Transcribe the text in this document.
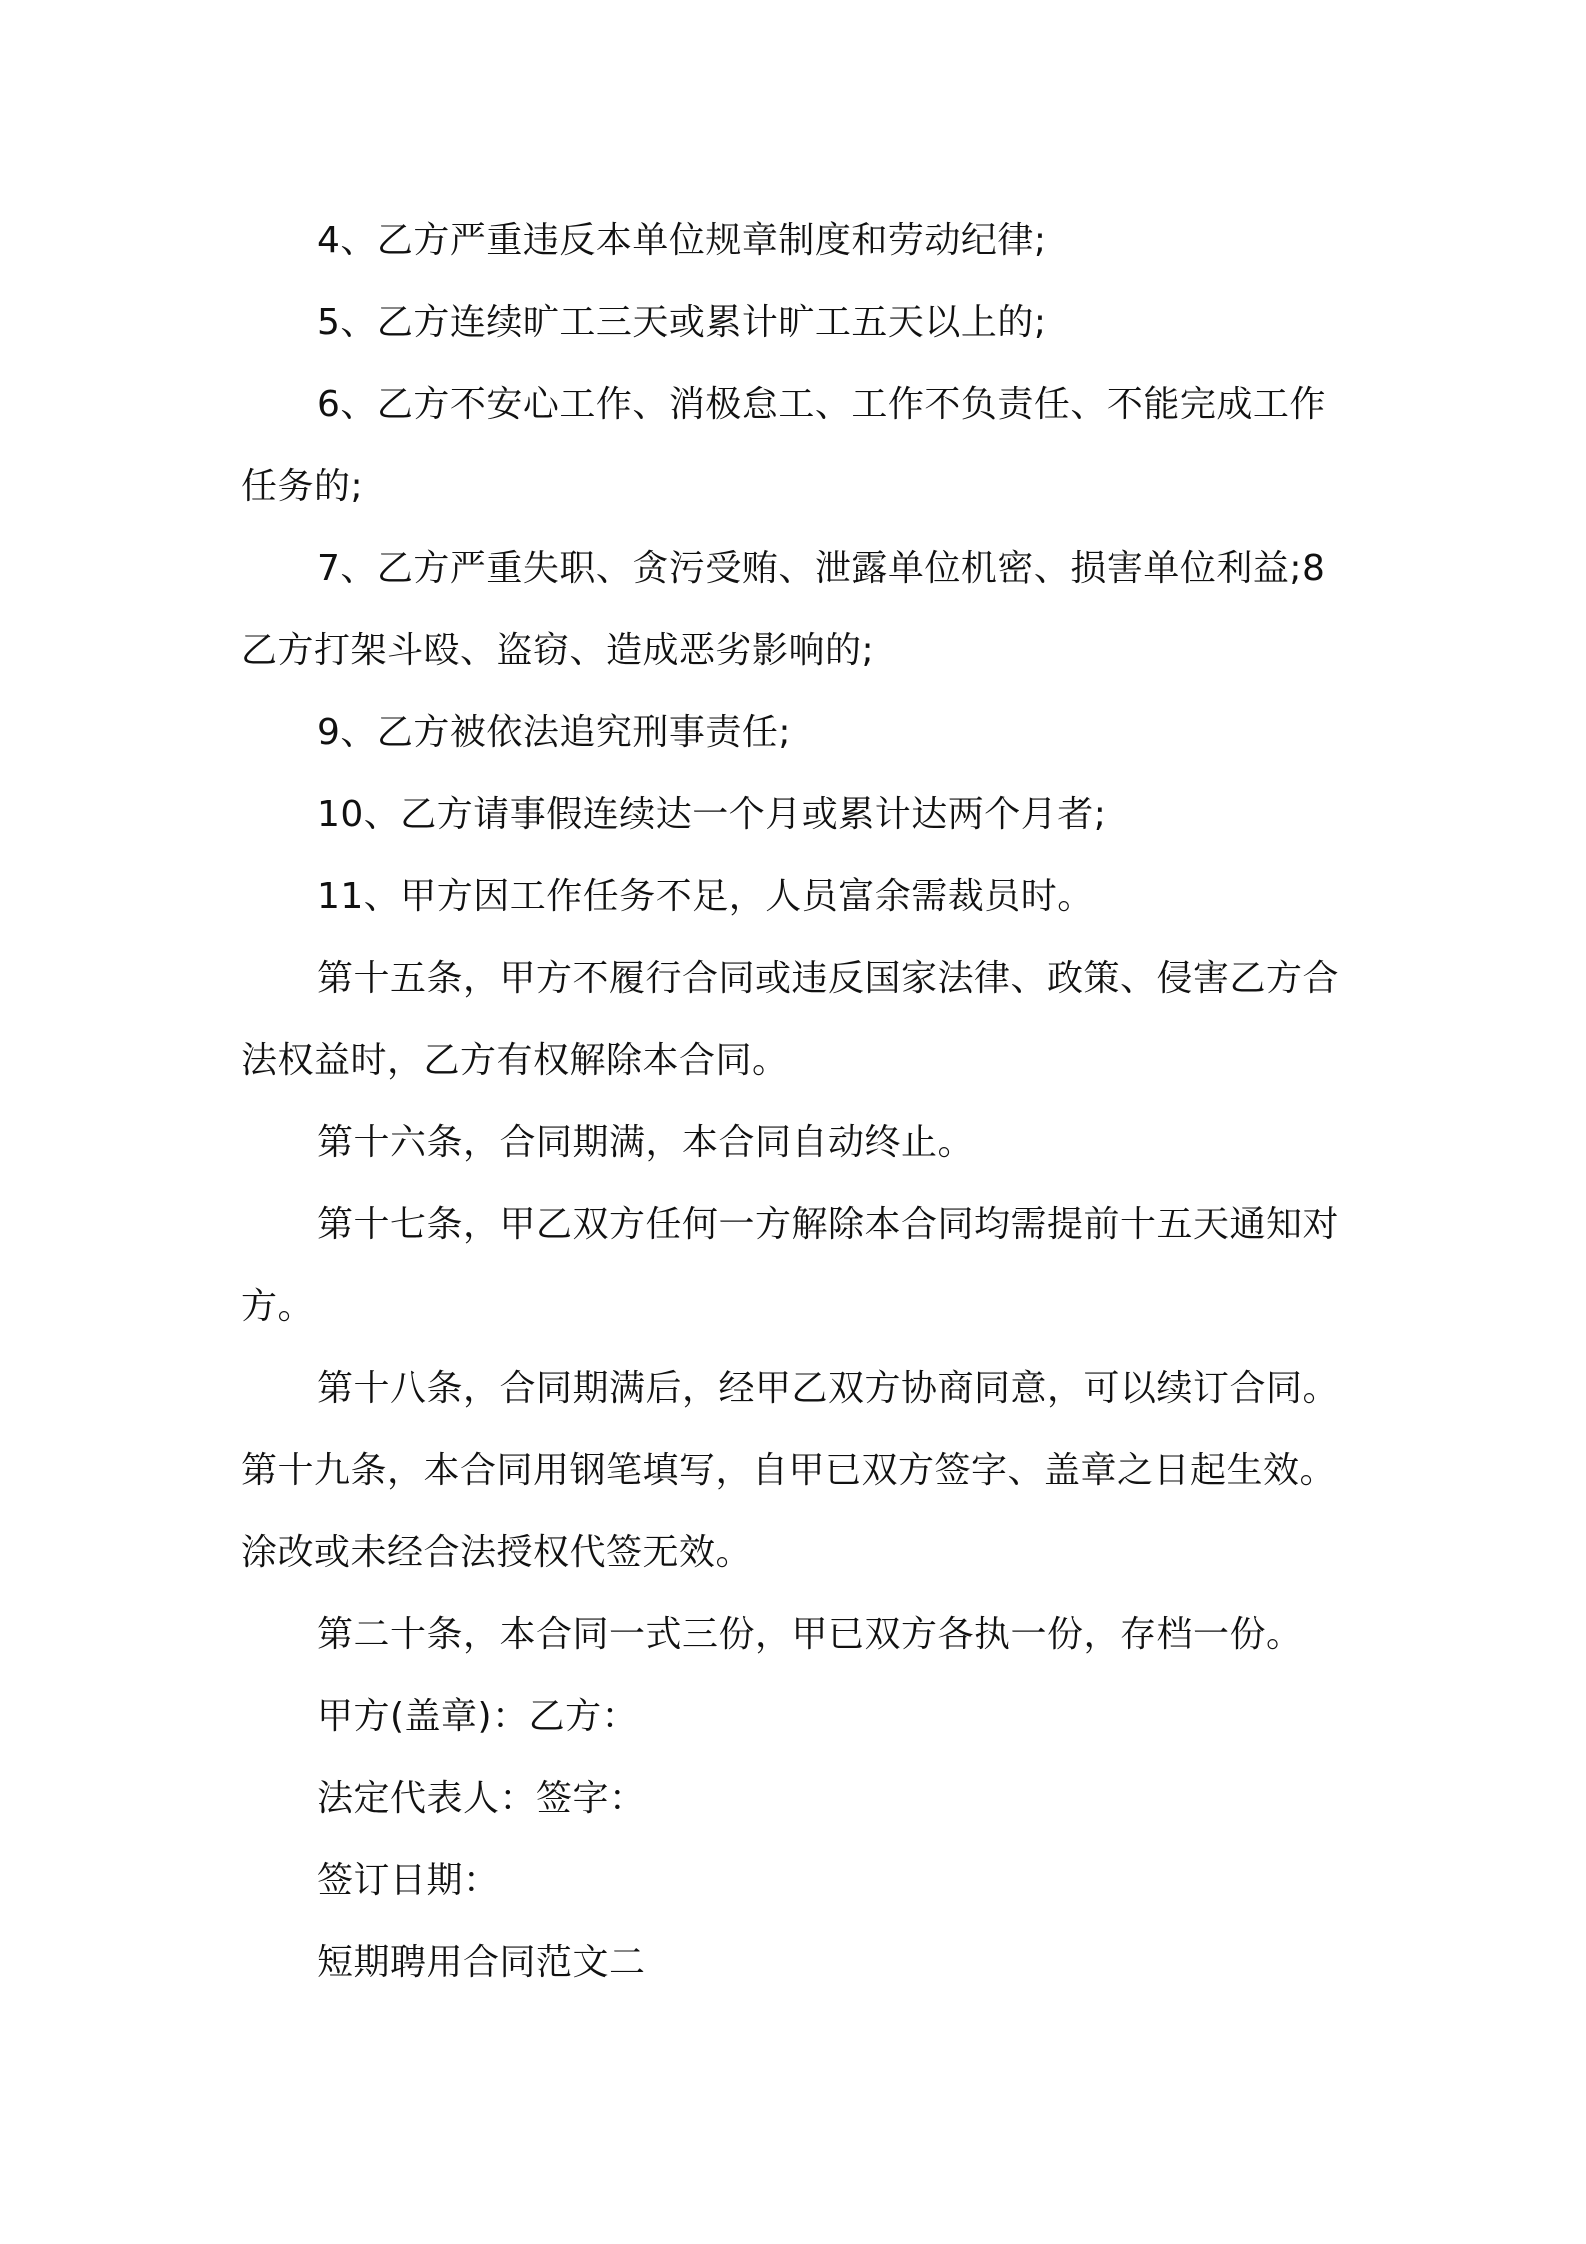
4、乙方严重违反本单位规章制度和劳动纪律;

5、乙方连续旷工三天或累计旷工五天以上的;

6、乙方不安心工作、消极怠工、工作不负责任、不能完成工作
任务的;

7、乙方严重失职、贪污受贿、泄露单位机密、损害单位利益;8
乙方打架斗殴、盗窃、造成恶劣影响的;

9、乙方被依法追究刑事责任;

10、乙方请事假连续达一个月或累计达两个月者;

11、甲方因工作任务不足，人员富余需裁员时。

第十五条，甲方不履行合同或违反国家法律、政策、侵害乙方合
法权益时，乙方有权解除本合同。

第十六条，合同期满，本合同自动终止。

第十七条，甲乙双方任何一方解除本合同均需提前十五天通知对
方。

第十八条，合同期满后，经甲乙双方协商同意，可以续订合同。

第十九条，本合同用钢笔填写，自甲已双方签字、盖章之日起生效。
涂改或未经合法授权代签无效。

第二十条，本合同一式三份，甲已双方各执一份，存档一份。

甲方(盖章)：乙方：

法定代表人：签字：

签订日期：

短期聘用合同范文二
